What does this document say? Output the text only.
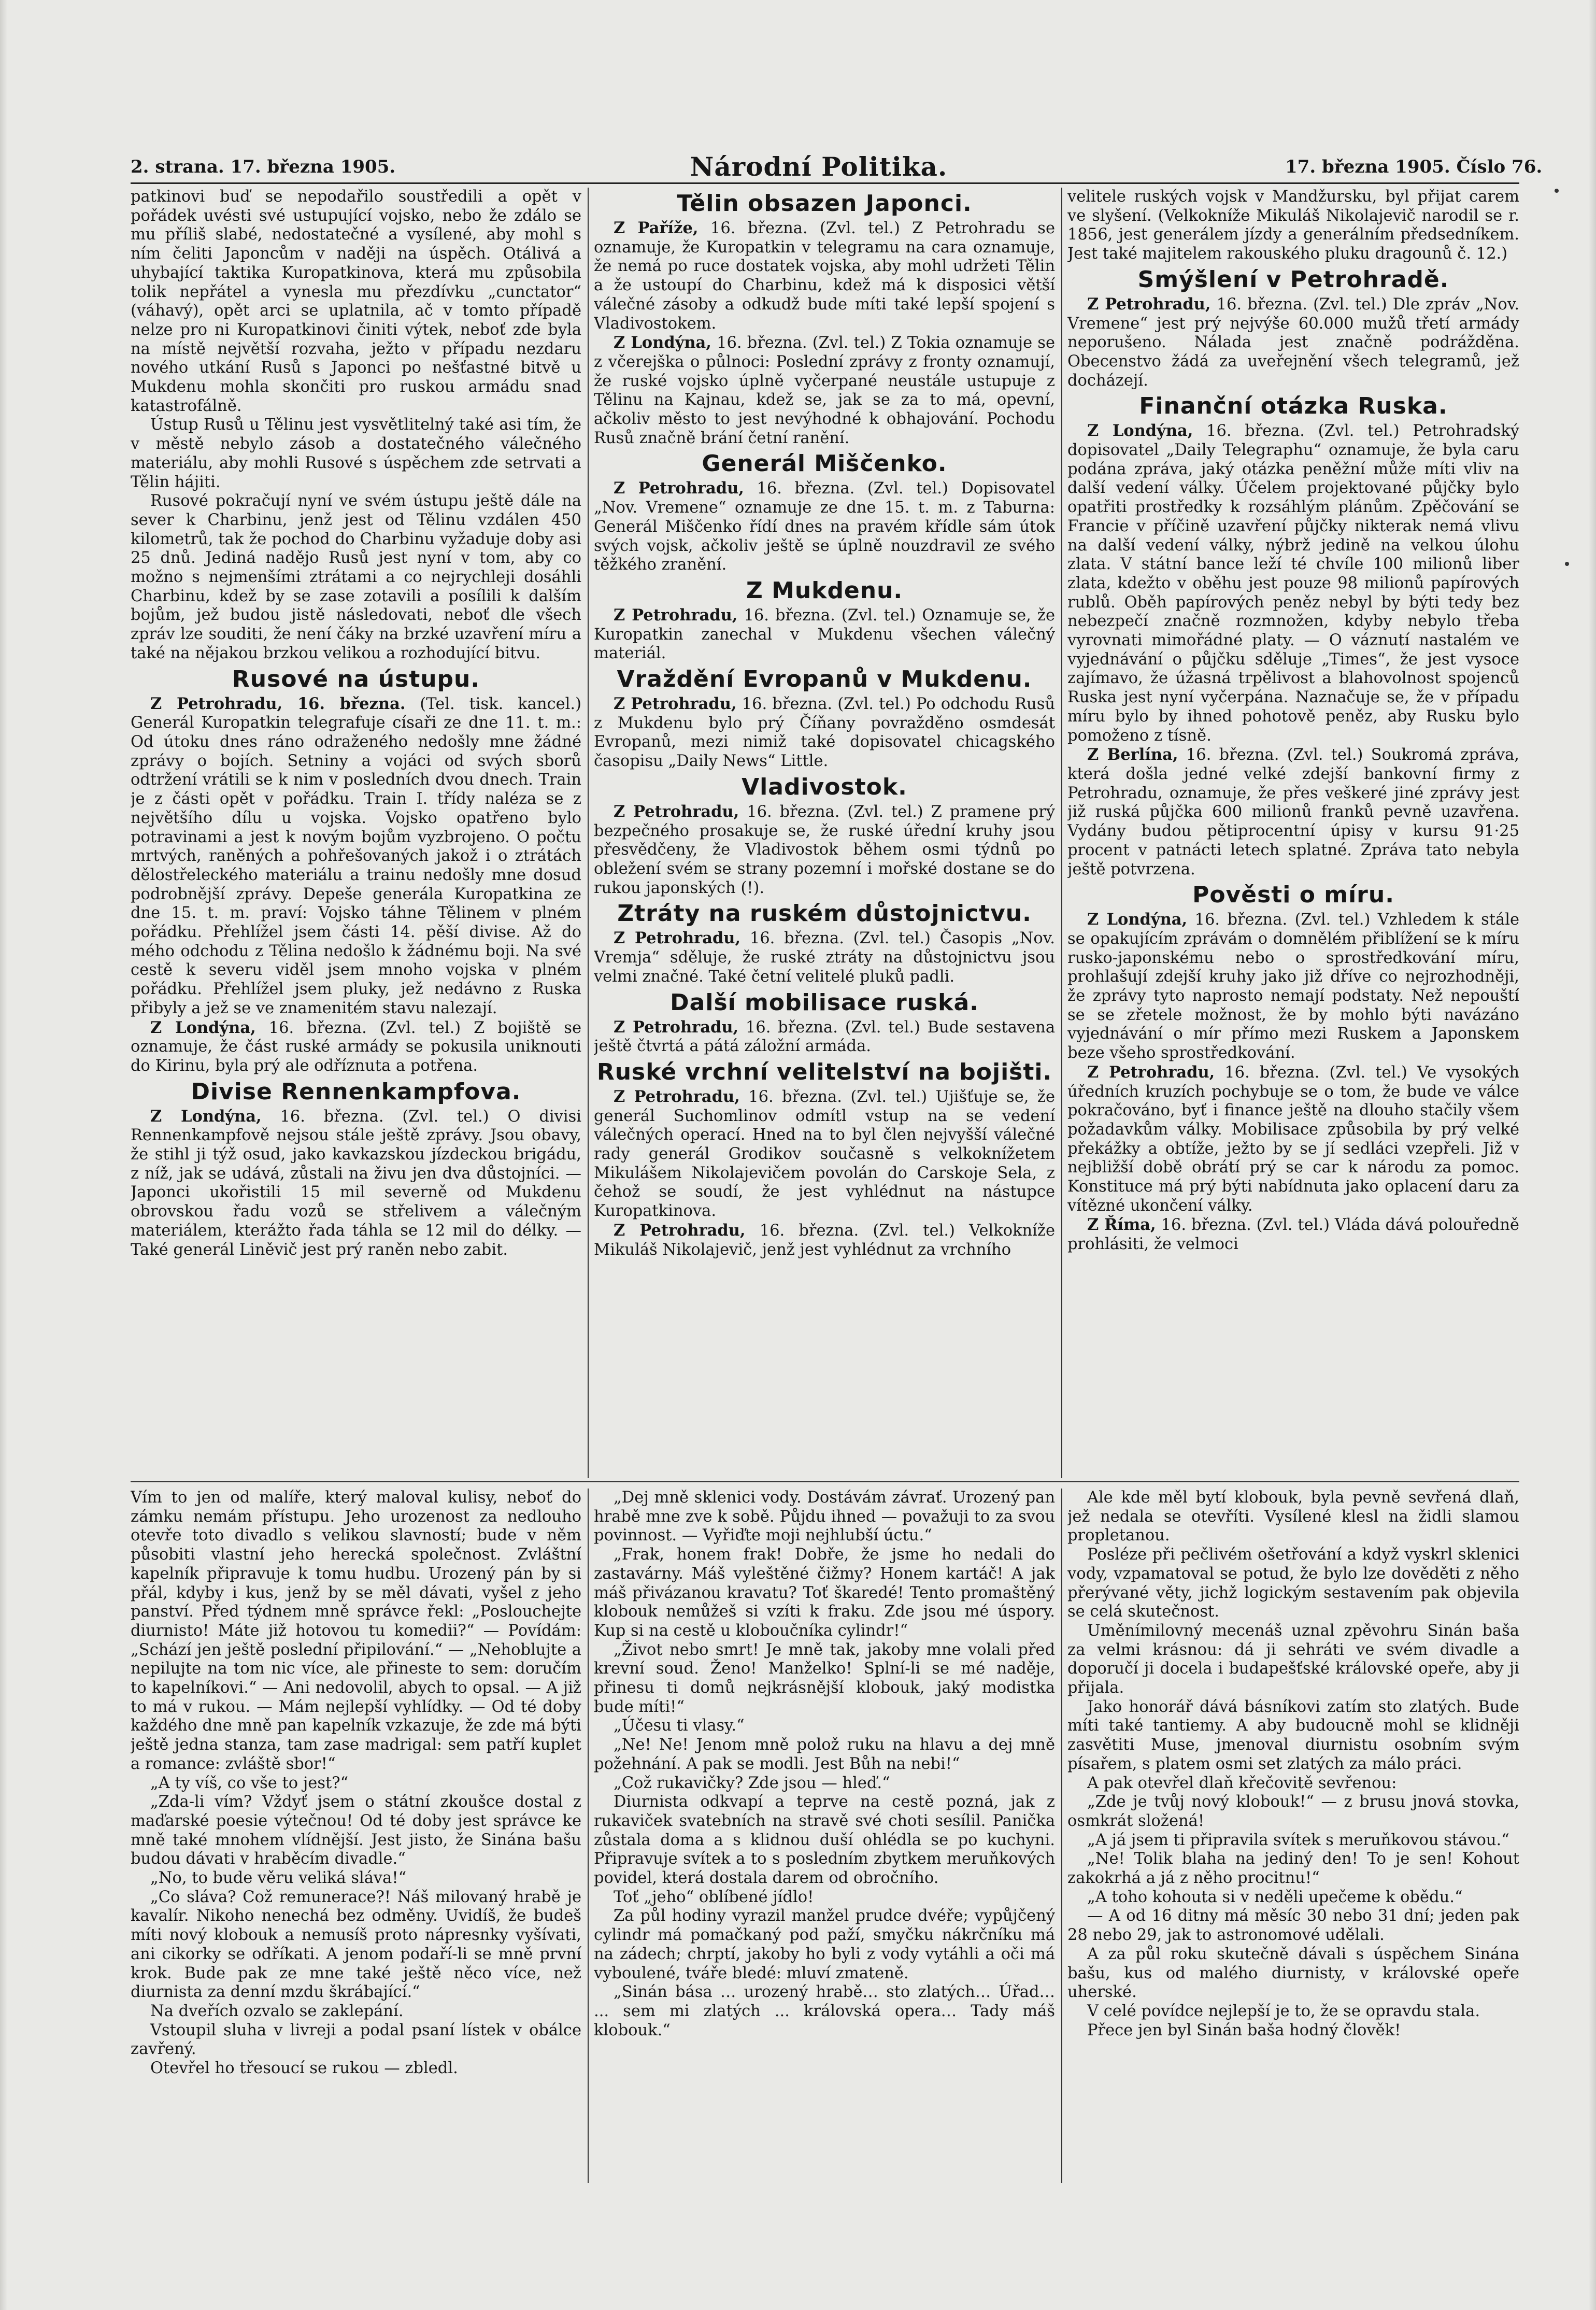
2. strana. 17. března 1905.	Národní Politika.	17. března 1905. Číslo 76.

patkinovi buď se nepodařilo soustředili a opět v pořádek uvésti své ustupující vojsko, nebo že zdálo se mu příliš slabé, nedostatečné a vysílené, aby mohl s ním čeliti Japoncům v naději na úspěch. Otálivá a uhybající taktika Kuropatkinova, která mu způsobila tolik nepřátel a vynesla mu přezdívku „cunctator“ (váhavý), opět arci se uplatnila, ač v tomto případě nelze pro ni Kuropatkinovi činiti výtek, neboť zde byla na místě největší rozvaha, ježto v případu nezdaru nového utkání Rusů s Japonci po nešťastné bitvě u Mukdenu mohla skončiti pro ruskou armádu snad katastrofálně.

Ústup Rusů u Tělinu jest vysvětlitelný také asi tím, že v městě nebylo zásob a dostatečného válečného materiálu, aby mohli Rusové s úspěchem zde setrvati a Tělin hájiti.

Rusové pokračují nyní ve svém ústupu ještě dále na sever k Charbinu, jenž jest od Tělinu vzdálen 450 kilometrů, tak že pochod do Charbinu vyžaduje doby asi 25 dnů. Jediná nadějo Rusů jest nyní v tom, aby co možno s nejmenšími ztrátami a co nejrychleji dosáhli Charbinu, kdež by se zase zotavili a posílili k dalším bojům, jež budou jistě následovati, neboť dle všech zpráv lze souditi, že není čáky na brzké uzavření míru a také na nějakou brzkou velikou a rozhodující bitvu.

Rusové na ústupu.

Z Petrohradu, 16. března. (Tel. tisk. kancel.) Generál Kuropatkin telegrafuje císaři ze dne 11. t. m.: Od útoku dnes ráno odraženého nedošly mne žádné zprávy o bojích. Setniny a vojáci od svých sborů odtržení vrátili se k nim v posledních dvou dnech. Train je z části opět v pořádku. Train I. třídy naléza se z největšího dílu u vojska. Vojsko opatřeno bylo potravinami a jest k novým bojům vyzbrojeno. O počtu mrtvých, raněných a pohřešovaných jakož i o ztrátách dělostřeleckého materiálu a trainu nedošly mne dosud podrobnější zprávy. Depeše generála Kuropatkina ze dne 15. t. m. praví: Vojsko táhne Tělinem v plném pořádku. Přehlížel jsem části 14. pěší divise. Až do mého odchodu z Tělina nedošlo k žádnému boji. Na své cestě k severu viděl jsem mnoho vojska v plném pořádku. Přehlížel jsem pluky, jež nedávno z Ruska přibyly a jež se ve znamenitém stavu nalezají.

Z Londýna, 16. března. (Zvl. tel.) Z bojiště se oznamuje, že část ruské armády se pokusila uniknouti do Kirinu, byla prý ale odříznuta a potřena.

Divise Rennenkampfova.

Z Londýna, 16. března. (Zvl. tel.) O divisi Rennenkampfově nejsou stále ještě zprávy. Jsou obavy, že stihl ji týž osud, jako kavkazskou jízdeckou brigádu, z níž, jak se udává, zůstali na živu jen dva důstojníci. — Japonci ukořistili 15 mil severně od Mukdenu obrovskou řadu vozů se střelivem a válečným materiálem, kterážto řada táhla se 12 mil do délky. — Také generál Liněvič jest prý raněn nebo zabit.

Tělin obsazen Japonci.

Z Paříže, 16. března. (Zvl. tel.) Z Petrohradu se oznamuje, že Kuropatkin v telegramu na cara oznamuje, že nemá po ruce dostatek vojska, aby mohl udržeti Tělin a že ustoupí do Charbinu, kdež má k disposici větší válečné zásoby a odkudž bude míti také lepší spojení s Vladivostokem.

Z Londýna, 16. března. (Zvl. tel.) Z Tokia oznamuje se z včerejška o půlnoci: Poslední zprávy z fronty oznamují, že ruské vojsko úplně vyčerpané neustále ustupuje z Tělinu na Kajnau, kdež se, jak se za to má, opevní, ačkoliv město to jest nevýhodné k obhajování. Pochodu Rusů značně brání četní ranění.

Generál Miščenko.

Z Petrohradu, 16. března. (Zvl. tel.) Dopisovatel „Nov. Vremene“ oznamuje ze dne 15. t. m. z Taburna: Generál Miščenko řídí dnes na pravém křídle sám útok svých vojsk, ačkoliv ještě se úplně nouzdravil ze svého těžkého zranění.

Z Mukdenu.

Z Petrohradu, 16. března. (Zvl. tel.) Oznamuje se, že Kuropatkin zanechal v Mukdenu všechen válečný materiál.

Vraždění Evropanů v Mukdenu.

Z Petrohradu, 16. března. (Zvl. tel.) Po odchodu Rusů z Mukdenu bylo prý Číňany povražděno osmdesát Evropanů, mezi nimiž také dopisovatel chicagského časopisu „Daily News“ Little.

Vladivostok.

Z Petrohradu, 16. března. (Zvl. tel.) Z pramene prý bezpečného prosakuje se, že ruské úřední kruhy jsou přesvědčeny, že Vladivostok během osmi týdnů po obležení svém se strany pozemní i mořské dostane se do rukou japonských (!).

Ztráty na ruském důstojnictvu.

Z Petrohradu, 16. března. (Zvl. tel.) Časopis „Nov. Vremja“ sděluje, že ruské ztráty na důstojnictvu jsou velmi značné. Také četní velitelé pluků padli.

Další mobilisace ruská.

Z Petrohradu, 16. března. (Zvl. tel.) Bude sestavena ještě čtvrtá a pátá záložní armáda.

Ruské vrchní velitelství na bojišti.

Z Petrohradu, 16. března. (Zvl. tel.) Ujišťuje se, že generál Suchomlinov odmítl vstup na se vedení válečných operací. Hned na to byl člen nejvyšší válečné rady generál Grodikov současně s velkoknížetem Mikulášem Nikolajevičem povolán do Carskoje Sela, z čehož se soudí, že jest vyhlédnut na nástupce Kuropatkinova.

Z Petrohradu, 16. března. (Zvl. tel.) Velkokníže Mikuláš Nikolajevič, jenž jest vyhlédnut za vrchního

velitele ruských vojsk v Mandžursku, byl přijat carem ve slyšení. (Velkokníže Mikuláš Nikolajevič narodil se r. 1856, jest generálem jízdy a generálním předsedníkem. Jest také majitelem rakouského pluku dragounů č. 12.)

Smýšlení v Petrohradě.

Z Petrohradu, 16. března. (Zvl. tel.) Dle zpráv „Nov. Vremene“ jest prý nejvýše 60.000 mužů třetí armády neporušeno. Nálada jest značně podrážděna. Obecenstvo žádá za uveřejnění všech telegramů, jež docházejí.

Finanční otázka Ruska.

Z Londýna, 16. března. (Zvl. tel.) Petrohradský dopisovatel „Daily Telegraphu“ oznamuje, že byla caru podána zpráva, jaký otázka peněžní může míti vliv na další vedení války. Účelem projektované půjčky bylo opatřiti prostředky k rozsáhlým plánům. Zpěčování se Francie v příčině uzavření půjčky nikterak nemá vlivu na další vedení války, nýbrž jedině na velkou úlohu zlata. V státní bance leží té chvíle 100 milionů liber zlata, kdežto v oběhu jest pouze 98 milionů papírových rublů. Oběh papírových peněz nebyl by býti tedy bez nebezpečí značně rozmnožen, kdyby nebylo třeba vyrovnati mimořádné platy. — O váznutí nastalém ve vyjednávání o půjčku sděluje „Times“, že jest vysoce zajímavo, že úžasná trpělivost a blahovolnost spojenců Ruska jest nyní vyčerpána. Naznačuje se, že v případu míru bylo by ihned pohotově peněz, aby Rusku bylo pomoženo z tísně.

Z Berlína, 16. března. (Zvl. tel.) Soukromá zpráva, která došla jedné velké zdejší bankovní firmy z Petrohradu, oznamuje, že přes veškeré jiné zprávy jest již ruská půjčka 600 milionů franků pevně uzavřena. Vydány budou pětiprocentní úpisy v kursu 91·25 procent v patnácti letech splatné. Zpráva tato nebyla ještě potvrzena.

Pověsti o míru.

Z Londýna, 16. března. (Zvl. tel.) Vzhledem k stále se opakujícím zprávám o domnělém přiblížení se k míru rusko-japonskému nebo o sprostředkování míru, prohlašují zdejší kruhy jako již dříve co nejrozhodněji, že zprávy tyto naprosto nemají podstaty. Než nepouští se se zřetele možnost, že by mohlo býti navázáno vyjednávání o mír přímo mezi Ruskem a Japonskem beze všeho sprostředkování.

Z Petrohradu, 16. března. (Zvl. tel.) Ve vysokých úředních kruzích pochybuje se o tom, že bude ve válce pokračováno, byť i finance ještě na dlouho stačily všem požadavkům války. Mobilisace způsobila by prý velké překážky a obtíže, ježto by se jí sedláci vzepřeli. Již v nejbližší době obrátí prý se car k národu za pomoc. Konstituce má prý býti nabídnuta jako oplacení daru za vítězné ukončení války.

Z Říma, 16. března. (Zvl. tel.) Vláda dává polouředně prohlásiti, že velmoci

Vím to jen od malíře, který maloval kulisy, neboť do zámku nemám přístupu. Jeho urozenost za nedlouho otevře toto divadlo s velikou slavností; bude v něm působiti vlastní jeho herecká společnost. Zvláštní kapelník připravuje k tomu hudbu. Urozený pán by si přál, kdyby i kus, jenž by se měl dávati, vyšel z jeho panství. Před týdnem mně správce řekl: „Poslouchejte diurnisto! Máte již hotovou tu komedii?“ — Povídám: „Schází jen ještě poslední připilování.“ — „Nehoblujte a nepilujte na tom nic více, ale přineste to sem: doručím to kapelníkovi.“ — Ani nedovolil, abych to opsal. — A již to má v rukou. — Mám nejlepší vyhlídky. — Od té doby každého dne mně pan kapelník vzkazuje, že zde má býti ještě jedna stanza, tam zase madrigal: sem patří kuplet a romance: zvláště sbor!“

„A ty víš, co vše to jest?“

„Zda-li vím? Vždyť jsem o státní zkoušce dostal z maďarské poesie výtečnou! Od té doby jest správce ke mně také mnohem vlídnější. Jest jisto, že Sinána bašu budou dávati v hraběcím divadle.“

„No, to bude věru veliká sláva!“

„Co sláva? Což remunerace?! Náš milovaný hrabě je kavalír. Nikoho nenechá bez odměny. Uvidíš, že budeš míti nový klobouk a nemusíš proto nápresnky vyšívati, ani cikorky se odříkati. A jenom podaří-li se mně první krok. Bude pak ze mne také ještě něco více, než diurnista za denní mzdu škrábající.“

Na dveřích ozvalo se zaklepání.

Vstoupil sluha v livreji a podal psaní lístek v obálce zavřený.

Otevřel ho třesoucí se rukou — zbledl.

„Dej mně sklenici vody. Dostávám závrať. Urozený pan hrabě mne zve k sobě. Půjdu ihned — považuji to za svou povinnost. — Vyřiďte moji nejhlubší úctu.“

„Frak, honem frak! Dobře, že jsme ho nedali do zastavárny. Máš vyleštěné čižmy? Honem kartáč! A jak máš přivázanou kravatu? Toť škaredé! Tento promaštěný klobouk nemůžeš si vzíti k fraku. Zde jsou mé úspory. Kup si na cestě u kloboučníka cylindr!“

„Život nebo smrt! Je mně tak, jakoby mne volali před krevní soud. Ženo! Manželko! Splní-li se mé naděje, přinesu ti domů nejkrásnější klobouk, jaký modistka bude míti!“

„Účesu ti vlasy.“

„Ne! Ne! Jenom mně polož ruku na hlavu a dej mně požehnání. A pak se modli. Jest Bůh na nebi!“

„Což rukavičky? Zde jsou — hleď.“

Diurnista odkvapí a teprve na cestě pozná, jak z rukaviček svatebních na stravě své choti sesílil. Panička zůstala doma a s klidnou duší ohlédla se po kuchyni. Připravuje svítek a to s posledním zbytkem meruňkových povidel, která dostala darem od obročního.

Toť „jeho“ oblíbené jídlo!

Za půl hodiny vyrazil manžel prudce dvéře; vypůjčený cylindr má pomačkaný pod paží, smyčku nákrčníku má na zádech; chrptí, jakoby ho byli z vody vytáhli a oči má vyboulené, tváře bledé: mluví zmateně.

„Sinán bása … urozený hrabě… sto zlatých… Úřad… ... sem mi zlatých ... královská opera… Tady máš klobouk.“

Ale kde měl bytí klobouk, byla pevně sevřená dlaň, jež nedala se otevříti. Vysílené klesl na židli slamou propletanou.

Posléze při pečlivém ošetřování a když vyskrl sklenici vody, vzpamatoval se potud, že bylo lze dověděti z něho přerývané věty, jichž logickým sestavením pak objevila se celá skutečnost.

Uměnímilovný mecenáš uznal zpěvohru Sinán baša za velmi krásnou: dá ji sehráti ve svém divadle a doporučí ji docela i budapešťské královské opeře, aby ji přijala.

Jako honorář dává básníkovi zatím sto zlatých. Bude míti také tantiemy. A aby budoucně mohl se klidněji zasvětiti Muse, jmenoval diurnistu osobním svým písařem, s platem osmi set zlatých za málo práci.

A pak otevřel dlaň křečovitě sevřenou:

„Zde je tvůj nový klobouk!“ — z brusu jnová stovka, osmkrát složená!

„A já jsem ti připravila svítek s meruňkovou stávou.“

„Ne! Tolik blaha na jediný den! To je sen! Kohout zakokrhá a já z něho procitnu!“

„A toho kohouta si v neděli upečeme k obědu.“

— A od 16 ditny má měsíc 30 nebo 31 dní; jeden pak 28 nebo 29, jak to astronomové udělali.

A za půl roku skutečně dávali s úspěchem Sinána bašu, kus od malého diurnisty, v královské opeře uherské.

V celé povídce nejlepší je to, že se opravdu stala.

Přece jen byl Sinán baša hodný člověk!
